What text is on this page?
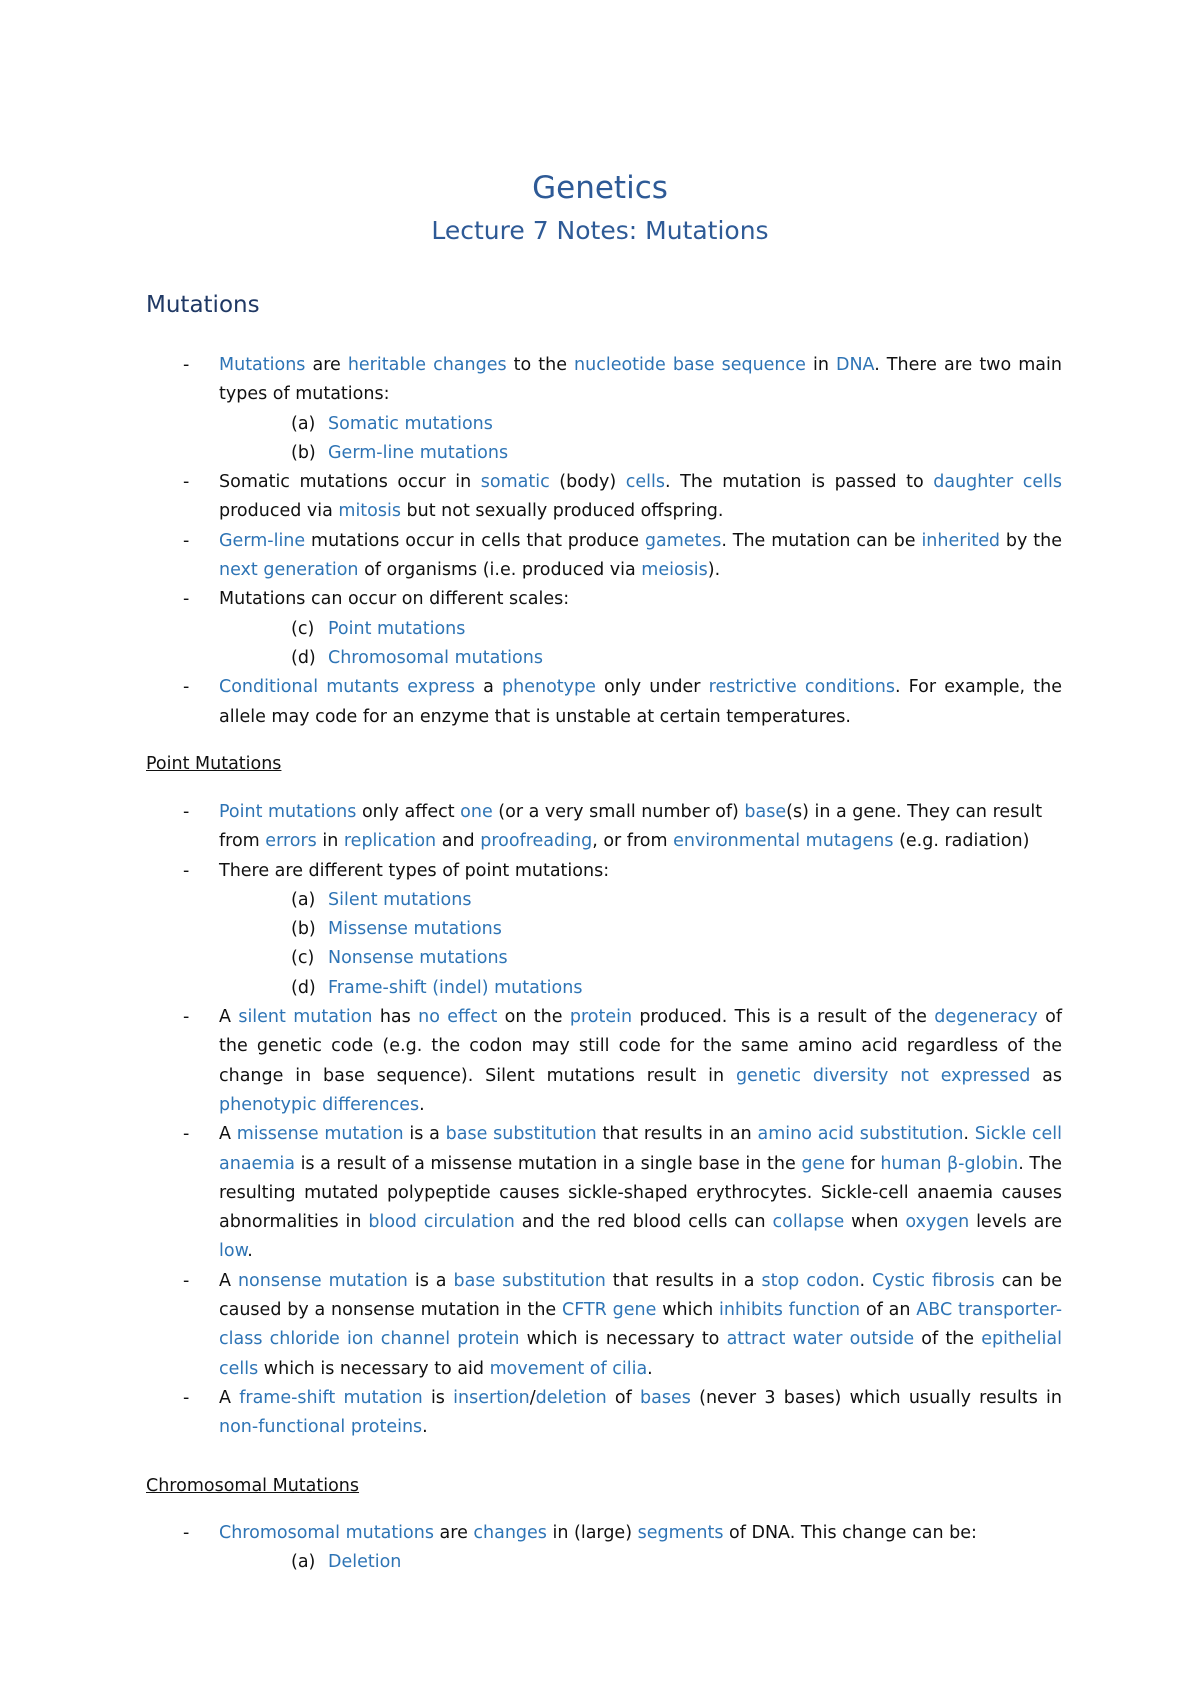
Genetics
Lecture 7 Notes: Mutations
Mutations
- Mutations are heritable changes to the nucleotide base sequence in DNA. There are two main types of mutations:
(a) Somatic mutations
(b) Germ-line mutations
- Somatic mutations occur in somatic (body) cells. The mutation is passed to daughter cells produced via mitosis but not sexually produced offspring.
- Germ-line mutations occur in cells that produce gametes. The mutation can be inherited by the next generation of organisms (i.e. produced via meiosis).
- Mutations can occur on different scales:
(c) Point mutations
(d) Chromosomal mutations
- Conditional mutants express a phenotype only under restrictive conditions. For example, the allele may code for an enzyme that is unstable at certain temperatures.
Point Mutations
- Point mutations only affect one (or a very small number of) base(s) in a gene. They can result from errors in replication and proofreading, or from environmental mutagens (e.g. radiation)
- There are different types of point mutations:
(a) Silent mutations
(b) Missense mutations
(c) Nonsense mutations
(d) Frame-shift (indel) mutations
- A silent mutation has no effect on the protein produced. This is a result of the degeneracy of the genetic code (e.g. the codon may still code for the same amino acid regardless of the change in base sequence). Silent mutations result in genetic diversity not expressed as phenotypic differences.
- A missense mutation is a base substitution that results in an amino acid substitution. Sickle cell anaemia is a result of a missense mutation in a single base in the gene for human β-globin. The resulting mutated polypeptide causes sickle-shaped erythrocytes. Sickle-cell anaemia causes abnormalities in blood circulation and the red blood cells can collapse when oxygen levels are low.
- A nonsense mutation is a base substitution that results in a stop codon. Cystic fibrosis can be caused by a nonsense mutation in the CFTR gene which inhibits function of an ABC transporter-class chloride ion channel protein which is necessary to attract water outside of the epithelial cells which is necessary to aid movement of cilia.
- A frame-shift mutation is insertion/deletion of bases (never 3 bases) which usually results in non-functional proteins.
Chromosomal Mutations
- Chromosomal mutations are changes in (large) segments of DNA. This change can be:
(a) Deletion
